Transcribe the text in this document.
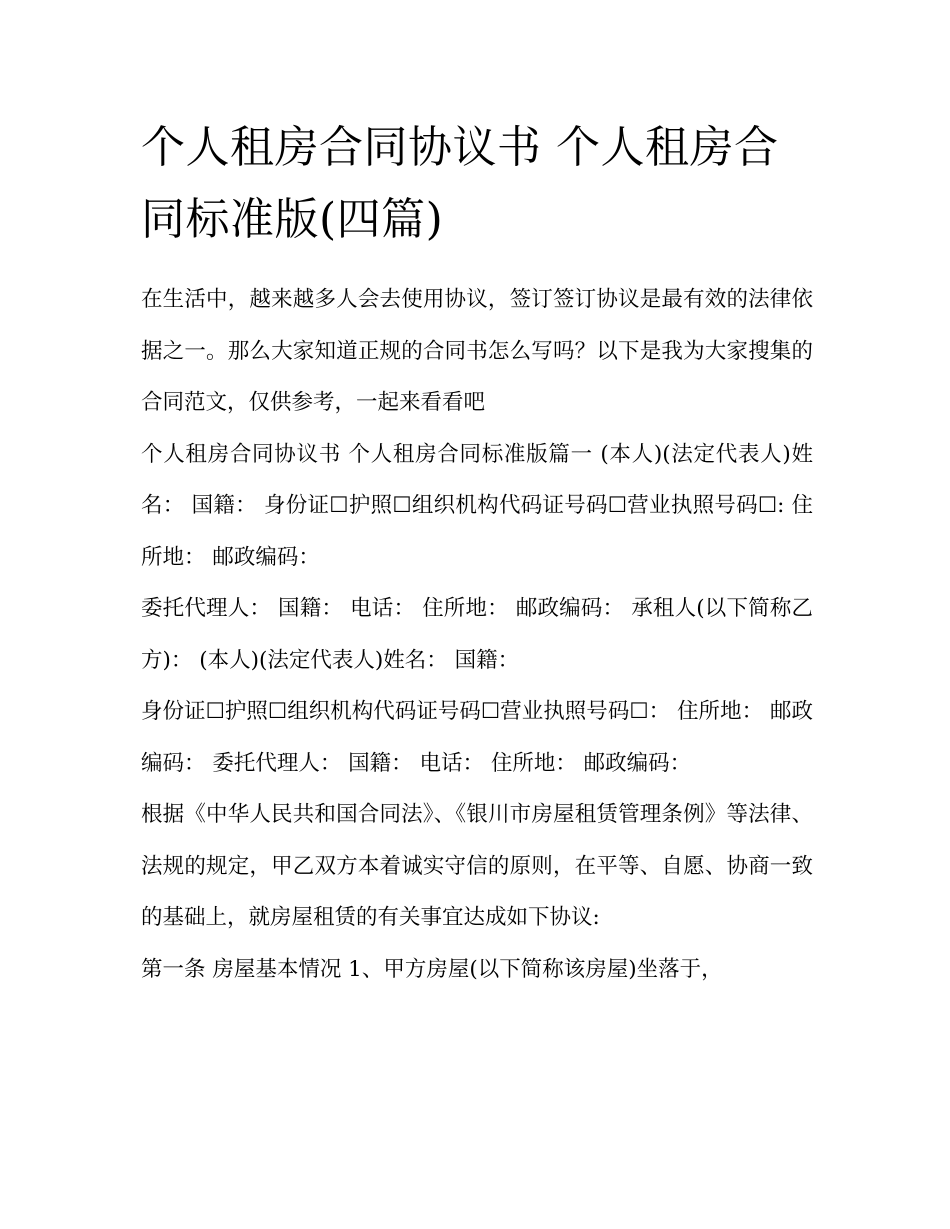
个人租房合同协议书 个人租房合同标准版(四篇)

在生活中，越来越多人会去使用协议，签订签订协议是最有效的法律依据之一。那么大家知道正规的合同书怎么写吗？以下是我为大家搜集的合同范文，仅供参考，一起来看看吧

个人租房合同协议书 个人租房合同标准版篇一 (本人)(法定代表人)姓名： 国籍： 身份证☐护照☐组织机构代码证号码☐营业执照号码☐: 住所地： 邮政编码：

委托代理人： 国籍： 电话： 住所地： 邮政编码： 承租人(以下简称乙方)： (本人)(法定代表人)姓名： 国籍：

身份证☐护照☐组织机构代码证号码☐营业执照号码☐： 住所地： 邮政编码： 委托代理人： 国籍： 电话： 住所地： 邮政编码：

根据《中华人民共和国合同法》、《银川市房屋租赁管理条例》等法律、法规的规定，甲乙双方本着诚实守信的原则，在平等、自愿、协商一致的基础上，就房屋租赁的有关事宜达成如下协议:

第一条 房屋基本情况 1、甲方房屋(以下简称该房屋)坐落于，
